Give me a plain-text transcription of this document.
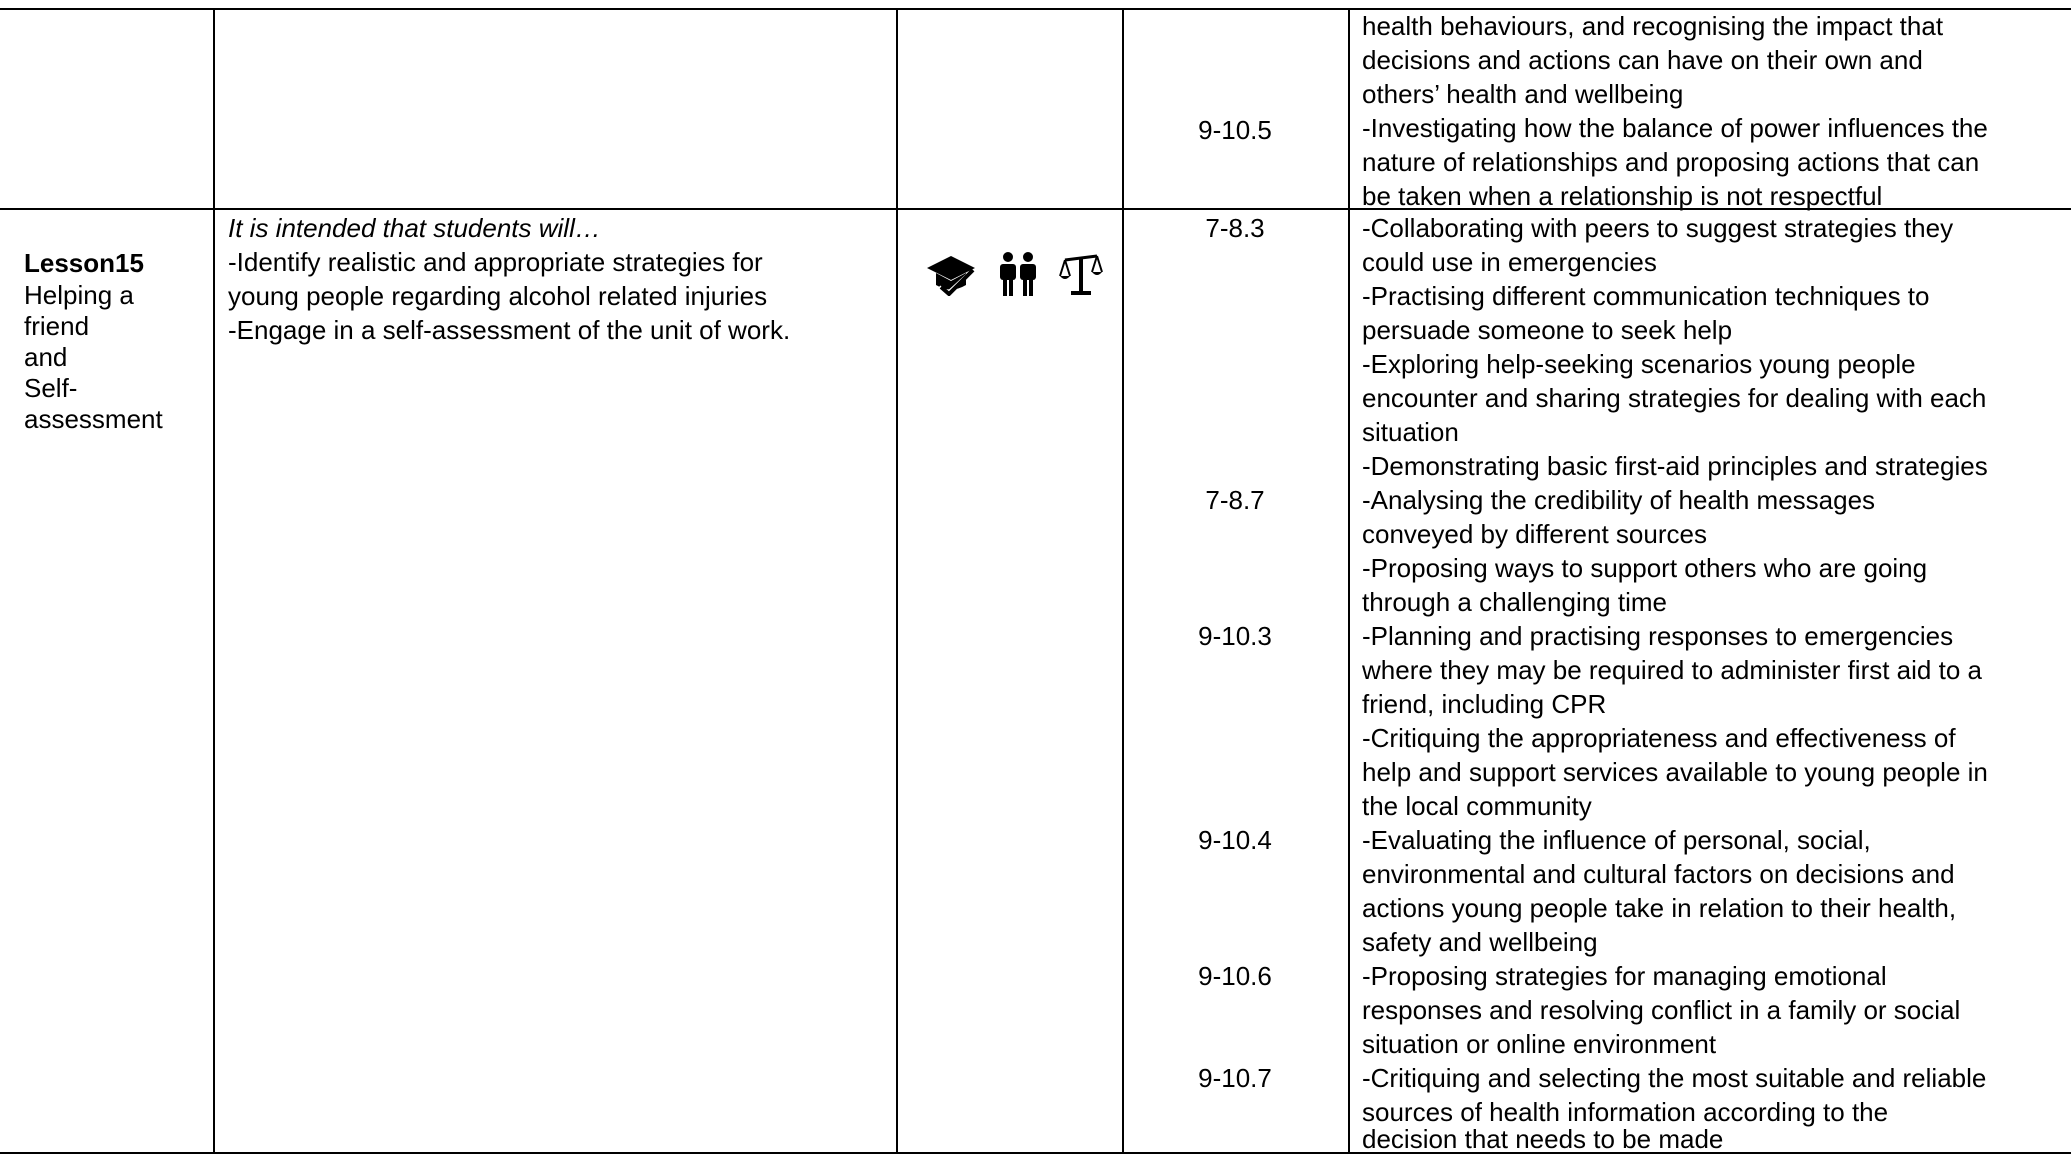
9-10.5
health behaviours, and recognising the impact that
decisions and actions can have on their own and
others’ health and wellbeing
-Investigating how the balance of power influences the
nature of relationships and proposing actions that can
be taken when a relationship is not respectful
Lesson15
Helping a
friend
and
Self-
assessment
It is intended that students will…
-Identify realistic and appropriate strategies for
young people regarding alcohol related injuries
-Engage in a self-assessment of the unit of work.
7-8.3
7-8.7
9-10.3
9-10.4
9-10.6
9-10.7
-Collaborating with peers to suggest strategies they
could use in emergencies
-Practising different communication techniques to
persuade someone to seek help
-Exploring help-seeking scenarios young people
encounter and sharing strategies for dealing with each
situation
-Demonstrating basic first-aid principles and strategies
-Analysing the credibility of health messages
conveyed by different sources
-Proposing ways to support others who are going
through a challenging time
-Planning and practising responses to emergencies
where they may be required to administer first aid to a
friend, including CPR
-Critiquing the appropriateness and effectiveness of
help and support services available to young people in
the local community
-Evaluating the influence of personal, social,
environmental and cultural factors on decisions and
actions young people take in relation to their health,
safety and wellbeing
-Proposing strategies for managing emotional
responses and resolving conflict in a family or social
situation or online environment
-Critiquing and selecting the most suitable and reliable
sources of health information according to the
decision that needs to be made
